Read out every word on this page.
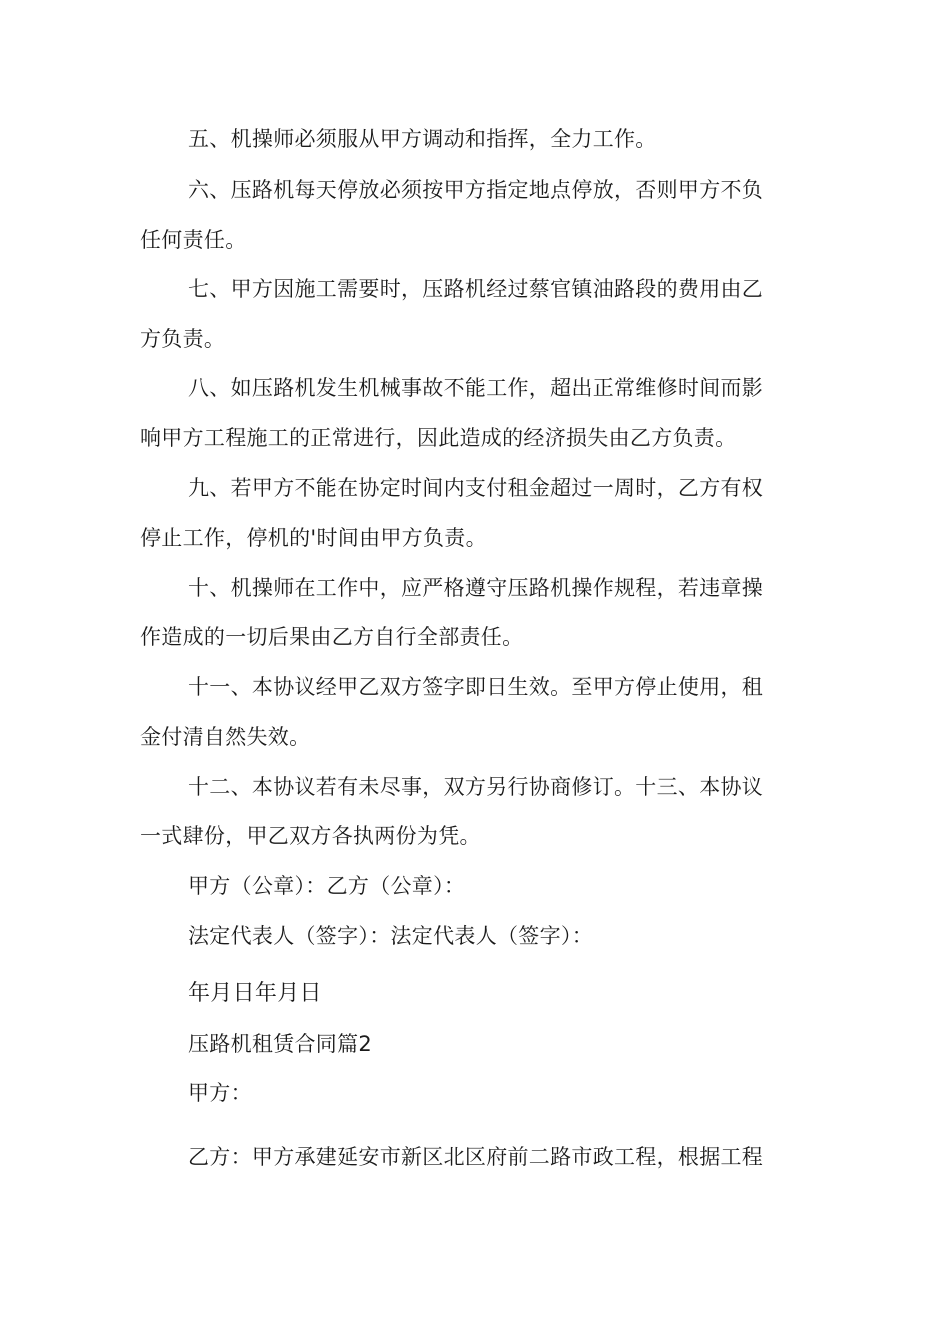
五、机操师必须服从甲方调动和指挥，全力工作。
六、压路机每天停放必须按甲方指定地点停放，否则甲方不负
任何责任。
七、甲方因施工需要时，压路机经过蔡官镇油路段的费用由乙
方负责。
八、如压路机发生机械事故不能工作，超出正常维修时间而影
响甲方工程施工的正常进行，因此造成的经济损失由乙方负责。
九、若甲方不能在协定时间内支付租金超过一周时，乙方有权
停止工作，停机的'时间由甲方负责。
十、机操师在工作中，应严格遵守压路机操作规程，若违章操
作造成的一切后果由乙方自行全部责任。
十一、本协议经甲乙双方签字即日生效。至甲方停止使用，租
金付清自然失效。
十二、本协议若有未尽事，双方另行协商修订。十三、本协议
一式肆份，甲乙双方各执两份为凭。
甲方（公章）：乙方（公章）：
法定代表人（签字）：法定代表人（签字）：
年月日年月日
压路机租赁合同篇2
甲方：
乙方：甲方承建延安市新区北区府前二路市政工程，根据工程
